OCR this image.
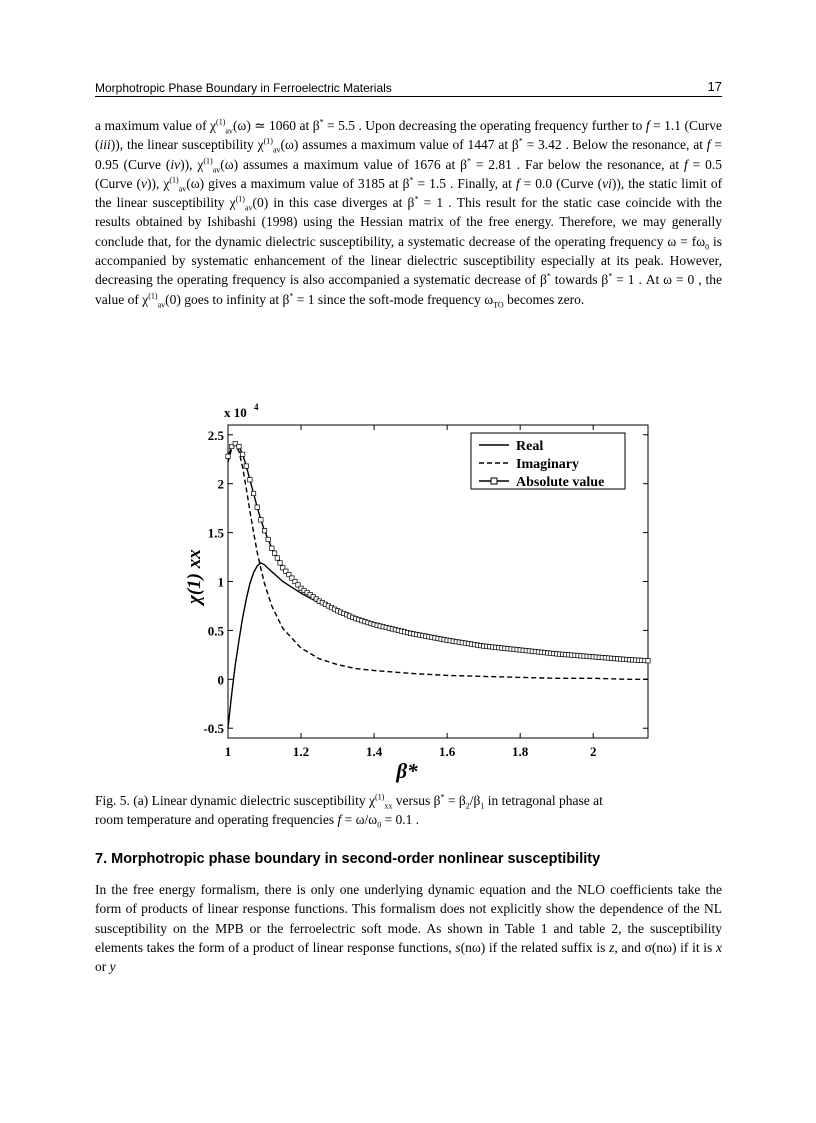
Morphotropic Phase Boundary in Ferroelectric Materials	17

a maximum value of $\chi^{(1)}_{av}(\omega)$ ≃ 1060 at β* = 5.5 . Upon decreasing the operating frequency further to f = 1.1 (Curve (iii)), the linear susceptibility $\chi^{(1)}_{av}(\omega)$ assumes a maximum value of 1447 at β* = 3.42 . Below the resonance, at f = 0.95 (Curve (iv)), $\chi^{(1)}_{av}(\omega)$ assumes a maximum value of 1676 at β* = 2.81 . Far below the resonance, at f = 0.5 (Curve (v)), $\chi^{(1)}_{av}(\omega)$ gives a maximum value of 3185 at β* = 1.5 . Finally, at f = 0.0 (Curve (vi)), the static limit of the linear susceptibility $\chi^{(1)}_{av}(0)$ in this case diverges at β* = 1 . This result for the static case coincide with the results obtained by Ishibashi (1998) using the Hessian matrix of the free energy. Therefore, we may generally conclude that, for the dynamic dielectric susceptibility, a systematic decrease of the operating frequency $\omega = f\omega_0$ is accompanied by systematic enhancement of the linear dielectric susceptibility especially at its peak. However, decreasing the operating frequency is also accompanied a systematic decrease of β* towards β* = 1 . At ω = 0 , the value of $\chi^{(1)}_{av}(0)$ goes to infinity at β* = 1 since the soft-mode frequency $\omega_{TO}$ becomes zero.

1	1.2	1.4	1.6	1.8	2
-0.5
0
0.5
1
1.5
2
2.5
x 10 4
β*
χ(1) xx
Real
Imaginary
Absolute value

Fig. 5. (a) Linear dynamic dielectric susceptibility $\chi^{(1)}_{xx}$ versus $\beta^* = \beta_2/\beta_1$ in tetragonal phase at
room temperature and operating frequencies $f = \omega/\omega_0 = 0.1$ .

7. Morphotropic phase boundary in second-order nonlinear susceptibility

In the free energy formalism, there is only one underlying dynamic equation and the NLO coefficients take the form of products of linear response functions. This formalism does not explicitly show the dependence of the NL susceptibility on the MPB or the ferroelectric soft mode. As shown in Table 1 and table 2, the susceptibility elements takes the form of a product of linear response functions, s(nω) if the related suffix is z, and σ(nω) if it is x or y
